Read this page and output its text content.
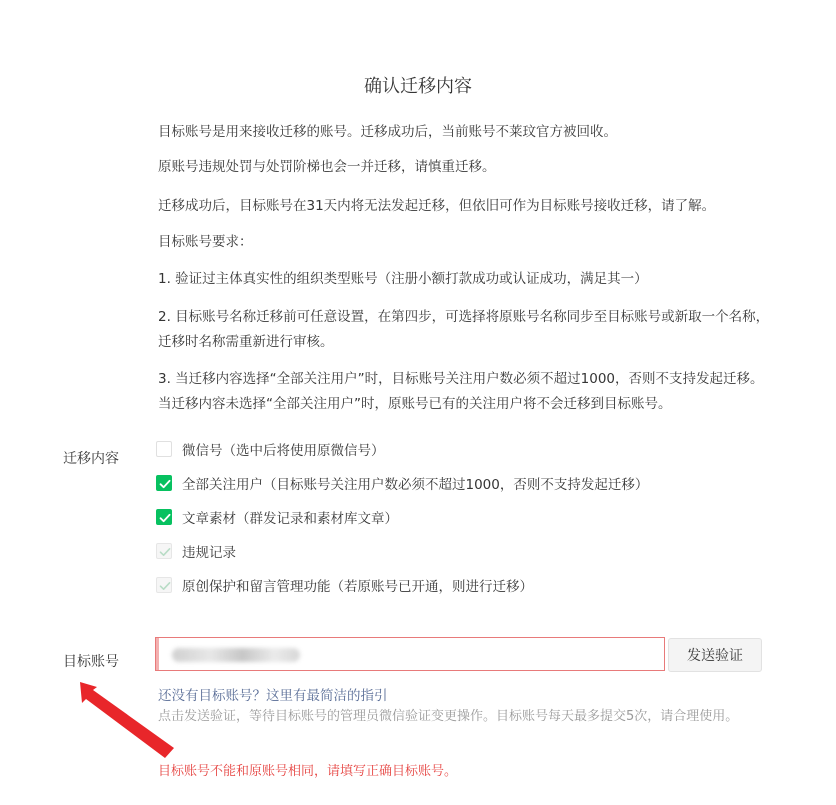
确认迁移内容
目标账号是用来接收迁移的账号。迁移成功后，当前账号不莱玟官方被回收。
原账号违规处罚与处罚阶梯也会一并迁移，请慎重迁移。
迁移成功后，目标账号在31天内将无法发起迁移，但依旧可作为目标账号接收迁移，请了解。
目标账号要求：
1. 验证过主体真实性的组织类型账号（注册小额打款成功或认证成功，满足其一）
2. 目标账号名称迁移前可任意设置，在第四步，可选择将原账号名称同步至目标账号或新取一个名称，迁移时名称需重新进行审核。
3. 当迁移内容选择“全部关注用户”时，目标账号关注用户数必须不超过1000，否则不支持发起迁移。当迁移内容未选择“全部关注用户”时，原账号已有的关注用户将不会迁移到目标账号。
迁移内容	微信号（选中后将使用原微信号）
全部关注用户（目标账号关注用户数必须不超过1000，否则不支持发起迁移）
文章素材（群发记录和素材库文章）
违规记录
原创保护和留言管理功能（若原账号已开通，则进行迁移）
目标账号	发送验证
还没有目标账号？这里有最简洁的指引
点击发送验证，等待目标账号的管理员微信验证变更操作。目标账号每天最多提交5次，请合理使用。
目标账号不能和原账号相同，请填写正确目标账号。
